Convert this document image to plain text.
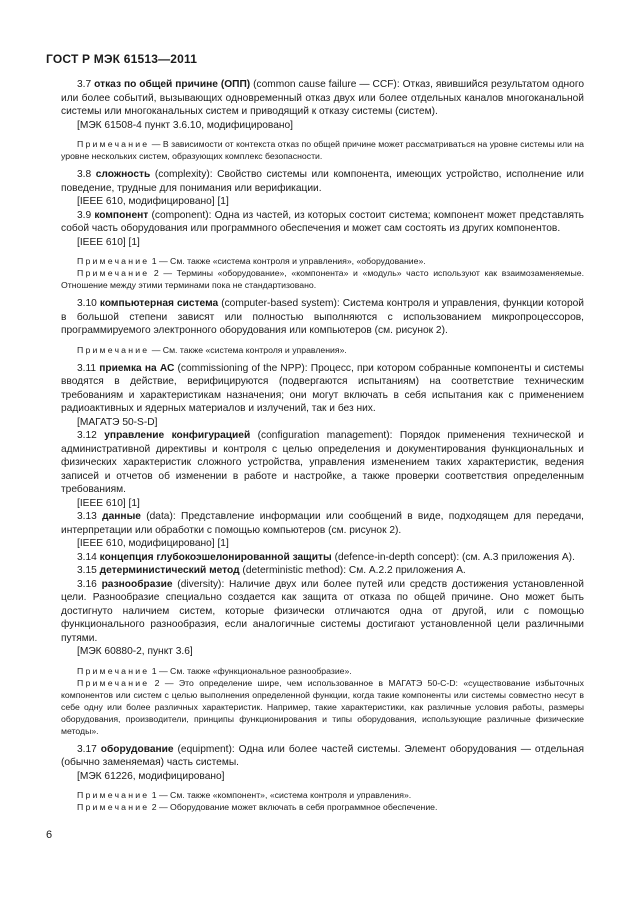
ГОСТ Р МЭК 61513—2011

3.7 отказ по общей причине (ОПП) (common cause failure — CCF): Отказ, явившийся результатом одного или более событий, вызывающих одновременный отказ двух или более отдельных каналов многоканальной системы или многоканальных систем и приводящий к отказу системы (систем).

[МЭК 61508-4 пункт 3.6.10, модифицировано]

Примечание — В зависимости от контекста отказ по общей причине может рассматриваться на уровне системы или на уровне нескольких систем, образующих комплекс безопасности.

3.8 сложность (complexity): Свойство системы или компонента, имеющих устройство, исполнение или поведение, трудные для понимания или верификации.

[IEEE 610, модифицировано] [1]

3.9 компонент (component): Одна из частей, из которых состоит система; компонент может представлять собой часть оборудования или программного обеспечения и может сам состоять из других компонентов.

[IEEE 610] [1]

Примечание 1 — См. также «система контроля и управления», «оборудование».

Примечание 2 — Термины «оборудование», «компонента» и «модуль» часто используют как взаимозаменяемые. Отношение между этими терминами пока не стандартизовано.

3.10 компьютерная система (computer-based system): Система контроля и управления, функции которой в большой степени зависят или полностью выполняются с использованием микропроцессоров, программируемого электронного оборудования или компьютеров (см. рисунок 2).

Примечание — См. также «система контроля и управления».

3.11 приемка на АС (commissioning of the NPP): Процесс, при котором собранные компоненты и системы вводятся в действие, верифицируются (подвергаются испытаниям) на соответствие техническим требованиям и характеристикам назначения; они могут включать в себя испытания как с применением радиоактивных и ядерных материалов и излучений, так и без них.

[МАГАТЭ 50-S-D]

3.12 управление конфигурацией (configuration management): Порядок применения технической и административной директивы и контроля с целью определения и документирования функциональных и физических характеристик сложного устройства, управления изменением таких характеристик, ведения записей и отчетов об изменении в работе и настройке, а также проверки соответствия определенным требованиям.

[IEEE 610] [1]

3.13 данные (data): Представление информации или сообщений в виде, подходящем для передачи, интерпретации или обработки с помощью компьютеров (см. рисунок 2).

[IEEE 610, модифицировано] [1]

3.14 концепция глубокоэшелонированной защиты (defence-in-depth concept): (см. А.3 приложения А).

3.15 детерминистический метод (deterministic method): См. А.2.2 приложения А.

3.16 разнообразие (diversity): Наличие двух или более путей или средств достижения установленной цели. Разнообразие специально создается как защита от отказа по общей причине. Оно может быть достигнуто наличием систем, которые физически отличаются одна от другой, или с помощью функционального разнообразия, если аналогичные системы достигают установленной цели различными путями.

[МЭК 60880-2, пункт 3.6]

Примечание 1 — См. также «функциональное разнообразие».

Примечание 2 — Это определение шире, чем использованное в МАГАТЭ 50-С-D: «существование избыточных компонентов или систем с целью выполнения определенной функции, когда такие компоненты или системы совместно несут в себе одну или более различных характеристик. Например, такие характеристики, как различные условия работы, размеры оборудования, производители, принципы функционирования и типы оборудования, использующие различные физические методы».

3.17 оборудование (equipment): Одна или более частей системы. Элемент оборудования — отдельная (обычно заменяемая) часть системы.

[МЭК 61226, модифицировано]

Примечание 1 — См. также «компонент», «система контроля и управления».

Примечание 2 — Оборудование может включать в себя программное обеспечение.

6
